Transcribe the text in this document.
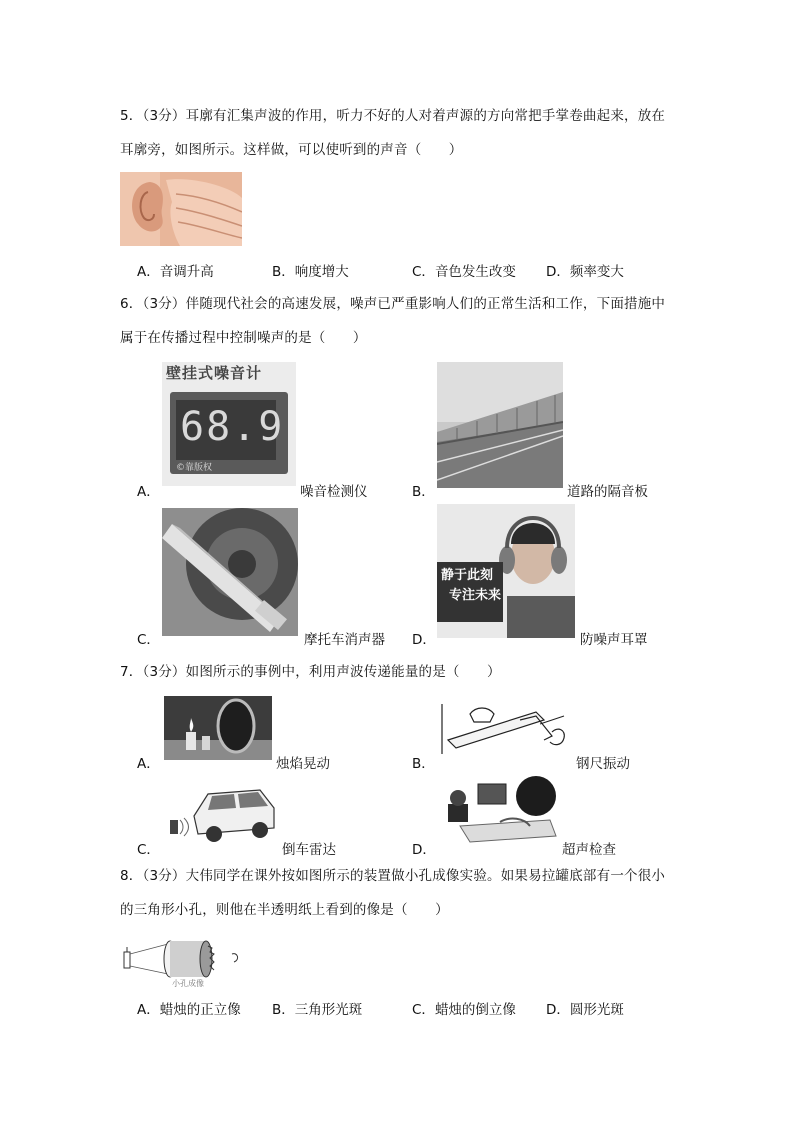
5．（3分）耳廓有汇集声波的作用，听力不好的人对着声源的方向常把手掌卷曲起来，放在
耳廓旁，如图所示。这样做，可以使听到的声音（　　）
A．音调升高	B．响度增大	C．音色发生改变 D．频率变大
6．（3分）伴随现代社会的高速发展，噪声已严重影响人们的正常生活和工作，下面措施中
属于在传播过程中控制噪声的是（　　）
A．
壁挂式噪音计
68.9
©靠版权
噪音检测仪	B．	道路的隔音板
C．	摩托车消声器 D．
静于此刻
专注未来
防噪声耳罩
7．（3分）如图所示的事例中，利用声波传递能量的是（　　）
A．	烛焰晃动	B．	钢尺振动
C．	倒车雷达	D．	超声检查
8．（3分）大伟同学在课外按如图所示的装置做小孔成像实验。如果易拉罐底部有一个很小
的三角形小孔，则他在半透明纸上看到的像是（　　）
小孔成像
A．蜡烛的正立像 B．三角形光斑	C．蜡烛的倒立像 D．圆形光斑
